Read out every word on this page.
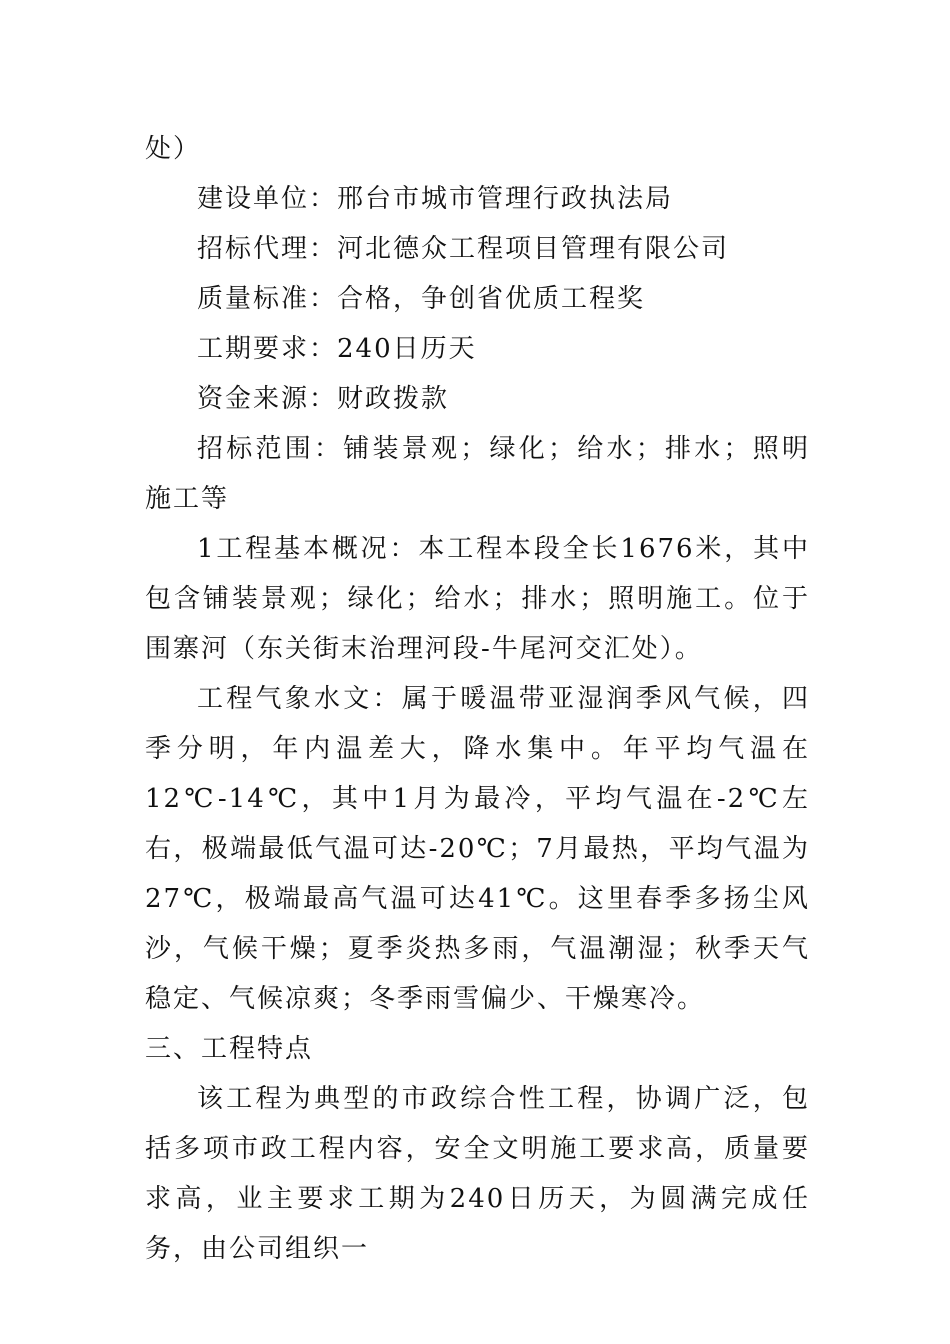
处）

建设单位：邢台市城市管理行政执法局

招标代理：河北德众工程项目管理有限公司

质量标准：合格，争创省优质工程奖

工期要求：240日历天

资金来源：财政拨款

招标范围：铺装景观；绿化；给水；排水；照明施工等

1工程基本概况：本工程本段全长1676米，其中包含铺装景观；绿化；给水；排水；照明施工。位于围寨河（东关街末治理河段-牛尾河交汇处）。

工程气象水文：属于暖温带亚湿润季风气候，四季分明，年内温差大，降水集中。年平均气温在12℃-14℃，其中1月为最冷，平均气温在-2℃左右，极端最低气温可达-20℃；7月最热，平均气温为27℃，极端最高气温可达41℃。这里春季多扬尘风沙，气候干燥；夏季炎热多雨，气温潮湿；秋季天气稳定、气候凉爽；冬季雨雪偏少、干燥寒冷。

三、工程特点

该工程为典型的市政综合性工程，协调广泛，包括多项市政工程内容，安全文明施工要求高，质量要求高，业主要求工期为240日历天，为圆满完成任务，由公司组织一
